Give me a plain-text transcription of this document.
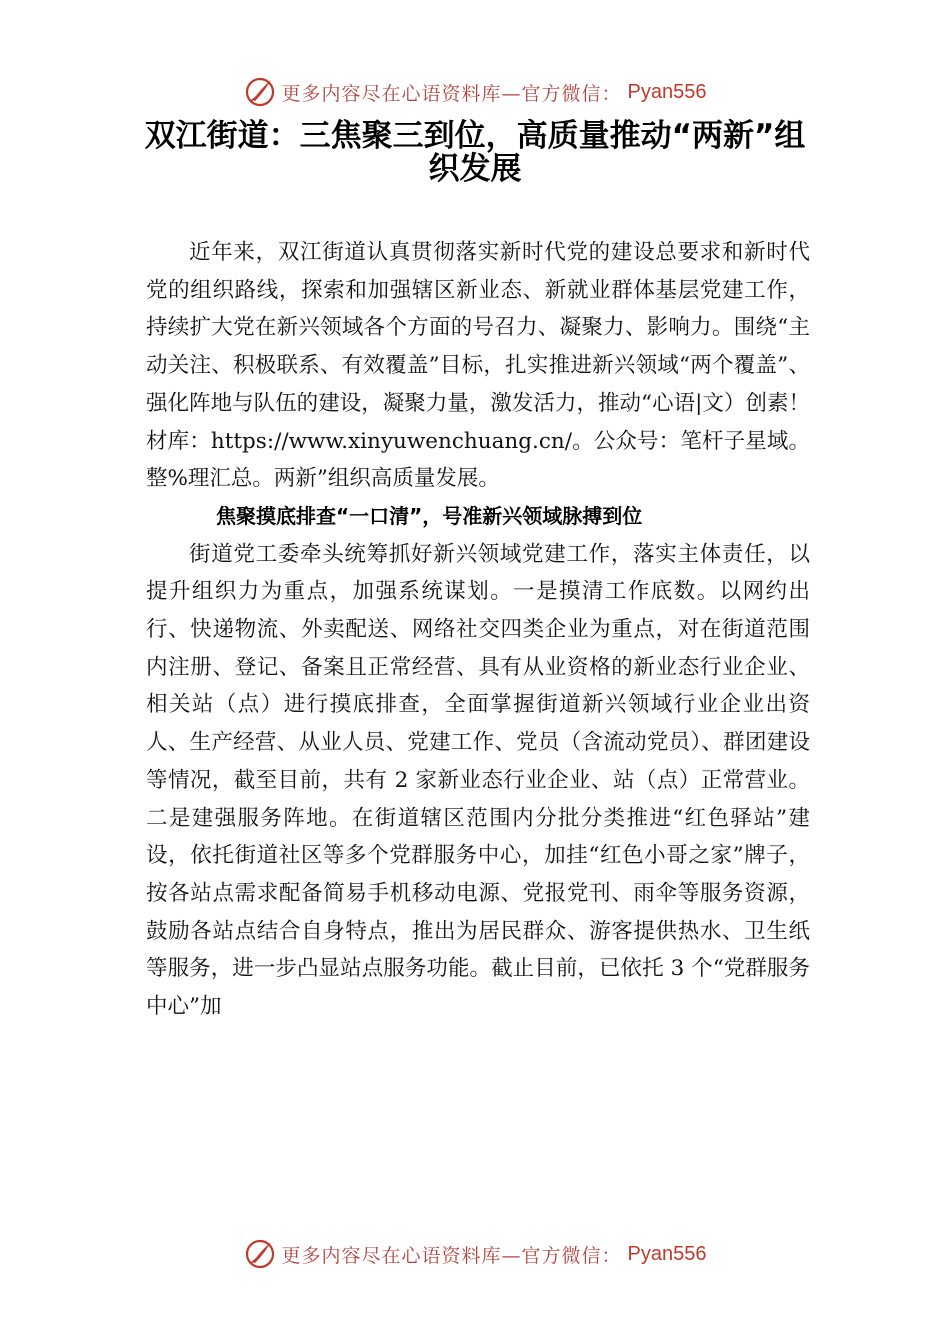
更多内容尽在心语资料库—官方微信： Pyan556
双江街道：三焦聚三到位，高质量推动“两新”组织发展

近年来，双江街道认真贯彻落实新时代党的建设总要求和新时代党的组织路线，探索和加强辖区新业态、新就业群体基层党建工作，持续扩大党在新兴领域各个方面的号召力、凝聚力、影响力。围绕“主动关注、积极联系、有效覆盖”目标，扎实推进新兴领域“两个覆盖”、强化阵地与队伍的建设，凝聚力量，激发活力，推动“心语|文）创素！材库：https://www.xinyuwenchuang.cn/。公众号：笔杆子星域。整%理汇总。两新”组织高质量发展。

焦聚摸底排查“一口清”，号准新兴领域脉搏到位

街道党工委牵头统筹抓好新兴领域党建工作，落实主体责任，以提升组织力为重点，加强系统谋划。一是摸清工作底数。以网约出行、快递物流、外卖配送、网络社交四类企业为重点，对在街道范围内注册、登记、备案且正常经营、具有从业资格的新业态行业企业、相关站（点）进行摸底排查，全面掌握街道新兴领域行业企业出资人、生产经营、从业人员、党建工作、党员（含流动党员）、群团建设等情况，截至目前，共有 2 家新业态行业企业、站（点）正常营业。二是建强服务阵地。在街道辖区范围内分批分类推进“红色驿站”建设，依托街道社区等多个党群服务中心，加挂“红色小哥之家”牌子，按各站点需求配备简易手机移动电源、党报党刊、雨伞等服务资源，鼓励各站点结合自身特点，推出为居民群众、游客提供热水、卫生纸等服务，进一步凸显站点服务功能。截止目前，已依托 3 个“党群服务中心”加

更多内容尽在心语资料库—官方微信： Pyan556
